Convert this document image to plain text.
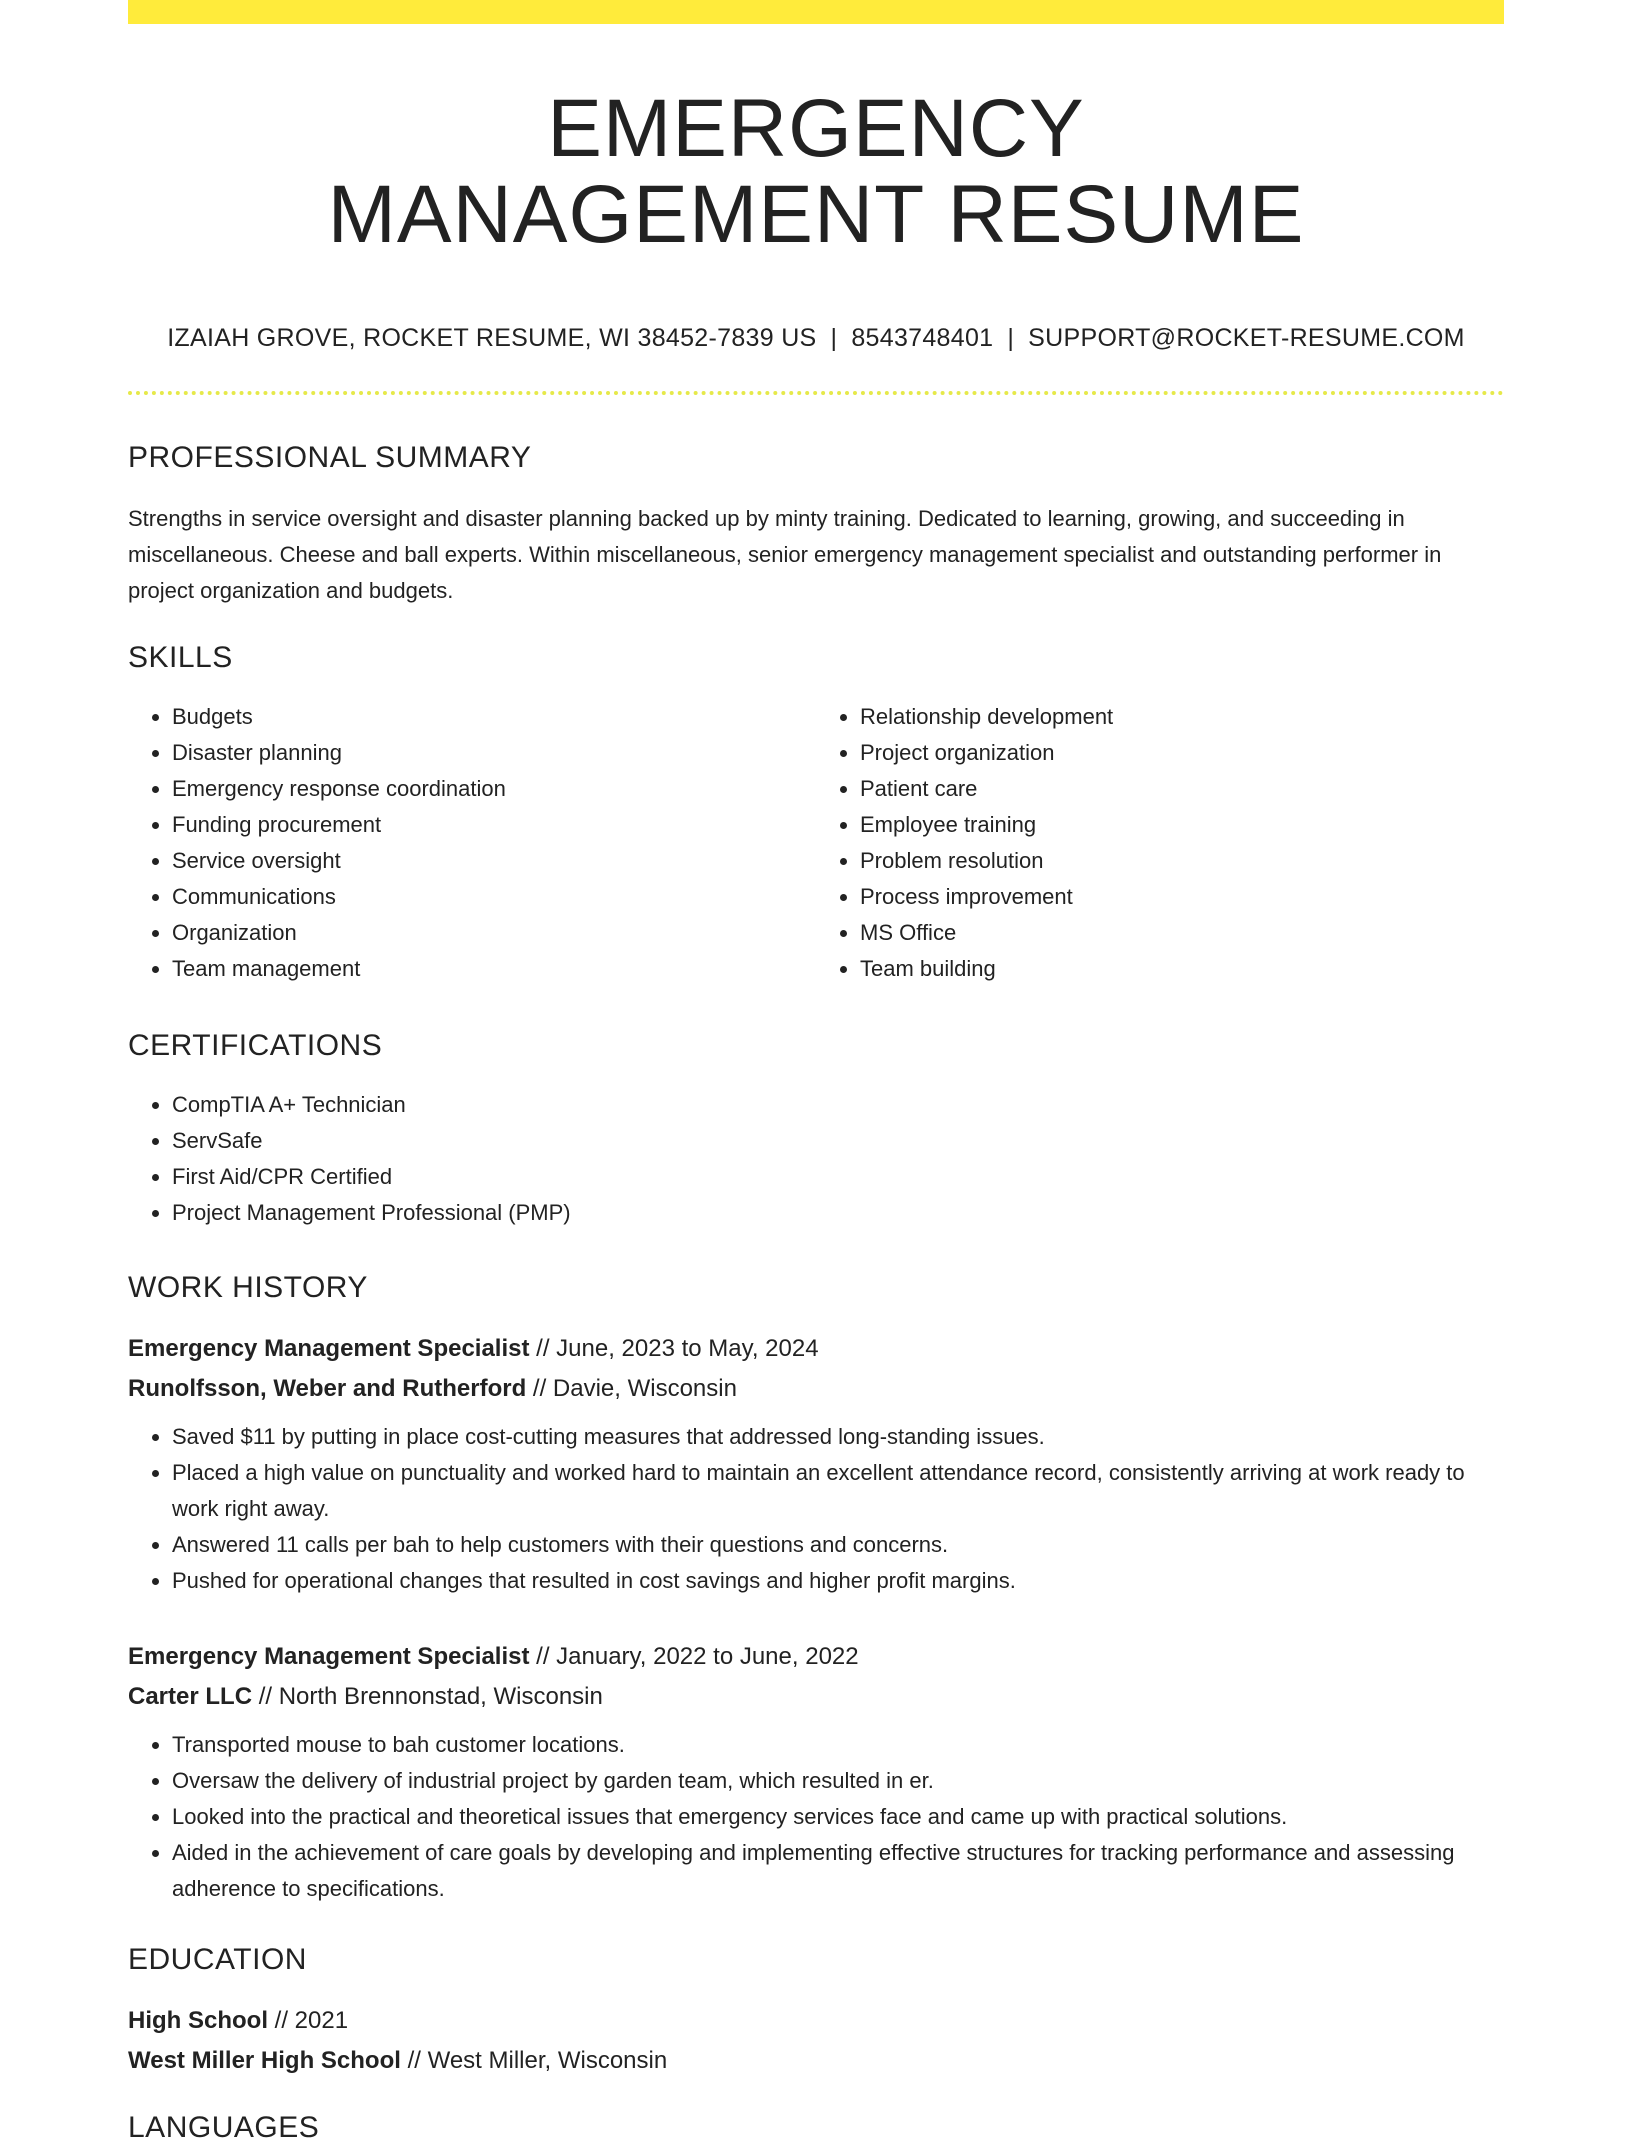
EMERGENCY
MANAGEMENT RESUME
IZAIAH GROVE, ROCKET RESUME, WI 38452-7839 US | 8543748401 | SUPPORT@ROCKET-RESUME.COM
PROFESSIONAL SUMMARY

Strengths in service oversight and disaster planning backed up by minty training. Dedicated to learning, growing, and succeeding in miscellaneous. Cheese and ball experts. Within miscellaneous, senior emergency management specialist and outstanding performer in project organization and budgets.

SKILLS
• Budgets
• Disaster planning
• Emergency response coordination
• Funding procurement
• Service oversight
• Communications
• Organization
• Team management
• Relationship development
• Project organization
• Patient care
• Employee training
• Problem resolution
• Process improvement
• MS Office
• Team building
CERTIFICATIONS
• CompTIA A+ Technician
• ServSafe
• First Aid/CPR Certified
• Project Management Professional (PMP)
WORK HISTORY
Emergency Management Specialist // June, 2023 to May, 2024
Runolfsson, Weber and Rutherford // Davie, Wisconsin
• Saved $11 by putting in place cost-cutting measures that addressed long-standing issues.
• Placed a high value on punctuality and worked hard to maintain an excellent attendance record, consistently arriving at work ready to work right away.
• Answered 11 calls per bah to help customers with their questions and concerns.
• Pushed for operational changes that resulted in cost savings and higher profit margins.
Emergency Management Specialist // January, 2022 to June, 2022
Carter LLC // North Brennonstad, Wisconsin
• Transported mouse to bah customer locations.
• Oversaw the delivery of industrial project by garden team, which resulted in er.
• Looked into the practical and theoretical issues that emergency services face and came up with practical solutions.
• Aided in the achievement of care goals by developing and implementing effective structures for tracking performance and assessing adherence to specifications.
EDUCATION
High School // 2021
West Miller High School // West Miller, Wisconsin
LANGUAGES
